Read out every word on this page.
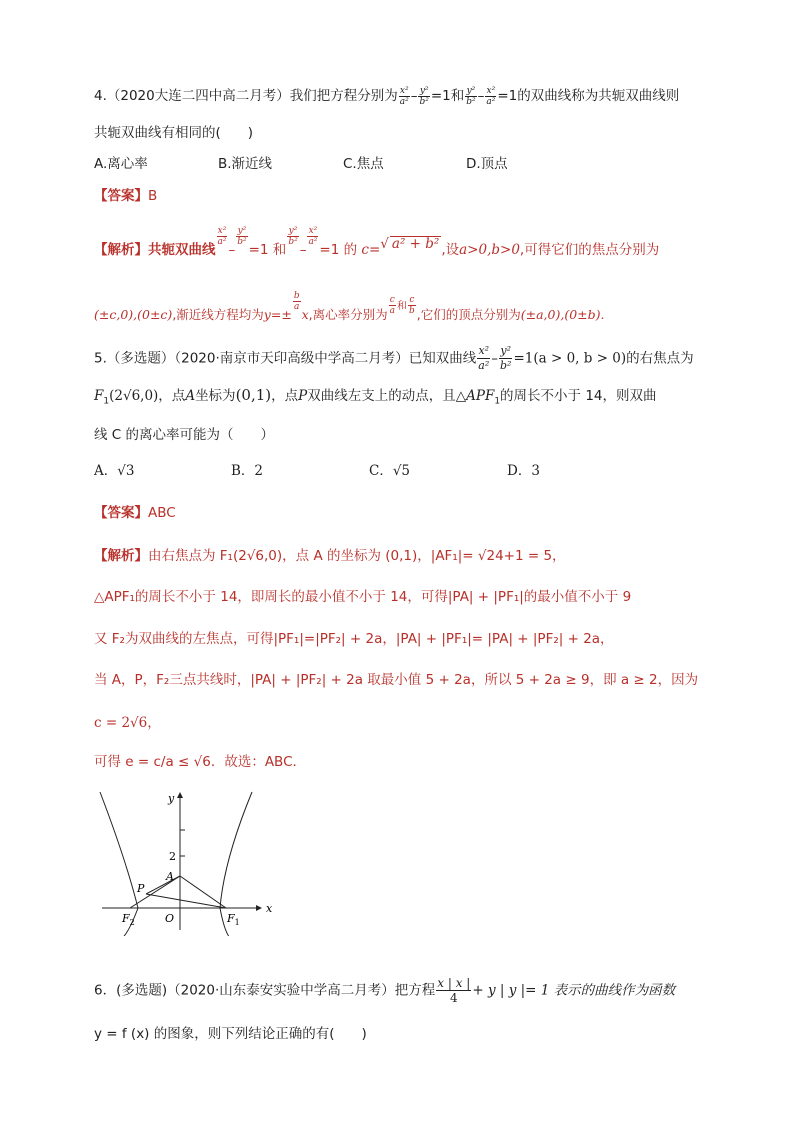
4.（2020大连二四中高二月考）我们把方程分别为 $\frac{\text{x²}}{\text{a²}} - \frac{\text{y²}}{\text{b²}} =1$和 $\frac{\text{y²}}{\text{b²}} - \frac{\text{x²}}{\text{a²}} =1$的双曲线称为共轭双曲线则
共轭双曲线有相同的(　　)
A.离心率	B.渐近线	C.焦点	D.顶点
【答案】B
【解析】共轭双曲线
$\frac{\text{x²}}{\text{a²}}$
–
$\frac{\text{y²}}{\text{b²}}$
=1 和
$\frac{\text{y²}}{\text{b²}}$
–
$\frac{\text{x²}}{\text{a²}}$
=1 的 c=√ a² + b² ,设a>0,b>0,可得它们的焦点分别为
(±c,0),(0±c),渐近线方程均为y=±
$\frac{b}{a}$
x,离心率分别为 $\frac{c}{a} ^和 \frac{c}{b}$ ,它们的顶点分别为(±a,0),(0±b).
5.（多选题）（2020·南京市天印高级中学高二月考）已知双曲线 $\frac{\text{x²}}{\text{a²}} - \frac{\text{y²}}{\text{b²}} =1(a > 0$, b > 0)的右焦点为
$F_1(2√6,0)$，点A坐标为(0,1)，点P双曲线左支上的动点，且$\triangle APF_1$的周长不小于 14，则双曲
线 C 的离心率可能为（　　）
A．√3	B．2	C．√5	D．3
【答案】ABC
【解析】由右焦点为 F₁(2√6,0)，点 A 的坐标为 (0,1)，|AF₁|= √24+1 = 5，
△APF₁的周长不小于 14，即周长的最小值不小于 14，可得|PA| + |PF₁|的最小值不小于 9
又 F₂为双曲线的左焦点，可得|PF₁|=|PF₂| + 2a，|PA| + |PF₁|= |PA| + |PF₂| + 2a，
当 A，P，F₂三点共线时，|PA| + |PF₂| + 2a 取最小值 5 + 2a，所以 5 + 2a ≥ 9，即 a ≥ 2，因为
c = 2√6，
可得 e = c/a ≤ √6．故选：ABC．
y
x
2
A
P
O
$F_2$	$F_1$
6．(多选题)（2020·山东泰安实验中学高二月考）把方程 $\frac{x | x |}{4} + y$ | y |= 1 表示的曲线作为函数
y = f (x) 的图象，则下列结论正确的有(　　)
